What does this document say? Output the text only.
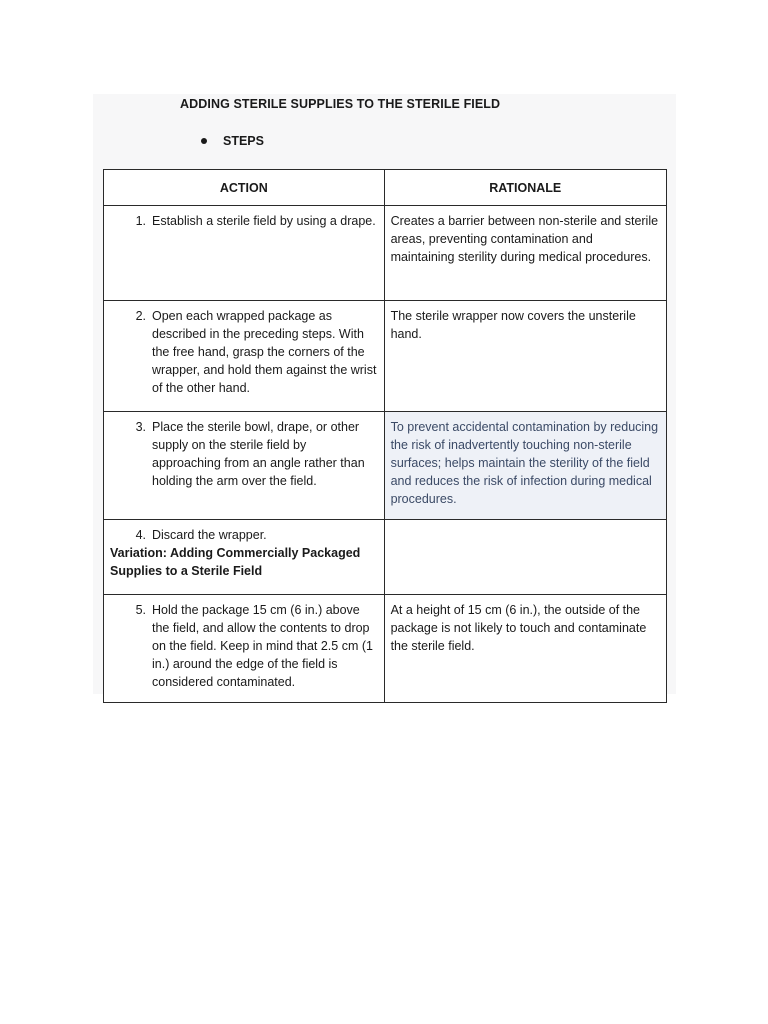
ADDING STERILE SUPPLIES TO THE STERILE FIELD
STEPS
ACTION	RATIONALE

1. Establish a sterile field by using a drape.	Creates a barrier between non-sterile and sterile areas, preventing contamination and maintaining sterility during medical procedures.

2. Open each wrapped package as described in the preceding steps. With the free hand, grasp the corners of the wrapper, and hold them against the wrist of the other hand.	The sterile wrapper now covers the unsterile hand.

3. Place the sterile bowl, drape, or other supply on the sterile field by approaching from an angle rather than holding the arm over the field.	To prevent accidental contamination by reducing the risk of inadvertently touching non-sterile surfaces; helps maintain the sterility of the field and reduces the risk of infection during medical procedures.

4. Discard the wrapper.
Variation: Adding Commercially Packaged Supplies to a Sterile Field	

5. Hold the package 15 cm (6 in.) above the field, and allow the contents to drop on the field. Keep in mind that 2.5 cm (1 in.) around the edge of the field is considered contaminated.	At a height of 15 cm (6 in.), the outside of the package is not likely to touch and contaminate the sterile field.
